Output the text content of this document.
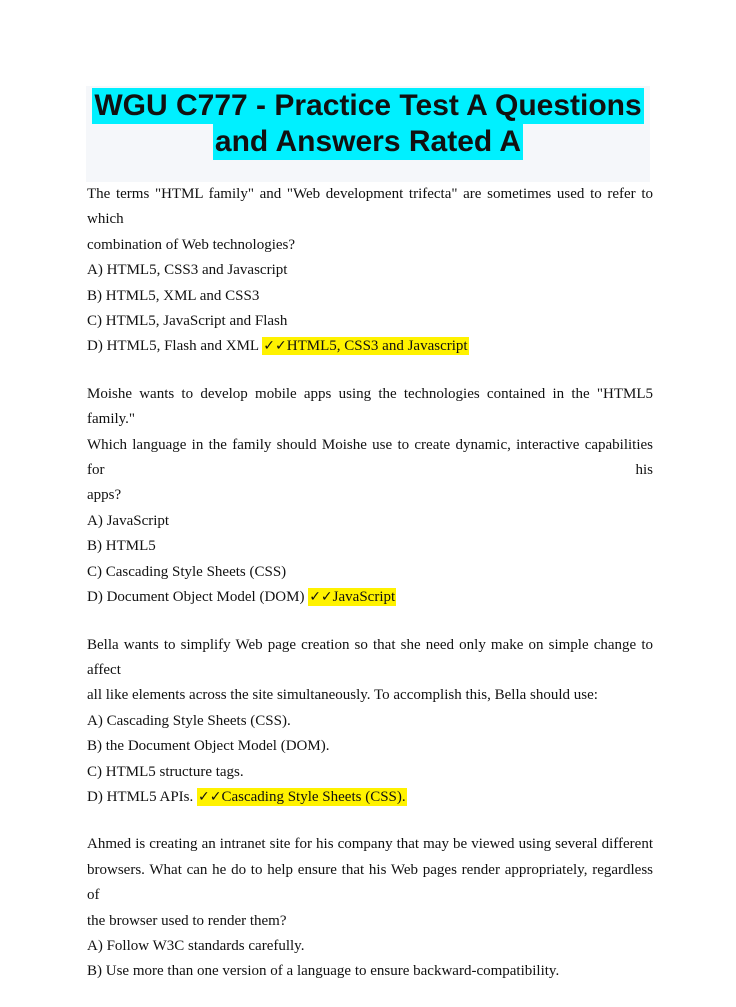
WGU C777 - Practice Test A Questions
and Answers Rated A
The terms "HTML family" and "Web development trifecta" are sometimes used to refer to which
combination of Web technologies?
A) HTML5, CSS3 and Javascript
B) HTML5, XML and CSS3
C) HTML5, JavaScript and Flash
D) HTML5, Flash and XML ✓✓HTML5, CSS3 and Javascript
Moishe wants to develop mobile apps using the technologies contained in the "HTML5 family."
Which language in the family should Moishe use to create dynamic, interactive capabilities for his
apps?
A) JavaScript
B) HTML5
C) Cascading Style Sheets (CSS)
D) Document Object Model (DOM) ✓✓JavaScript
Bella wants to simplify Web page creation so that she need only make on simple change to affect
all like elements across the site simultaneously. To accomplish this, Bella should use:
A) Cascading Style Sheets (CSS).
B) the Document Object Model (DOM).
C) HTML5 structure tags.
D) HTML5 APIs. ✓✓Cascading Style Sheets (CSS).
Ahmed is creating an intranet site for his company that may be viewed using several different
browsers. What can he do to help ensure that his Web pages render appropriately, regardless of
the browser used to render them?
A) Follow W3C standards carefully.
B) Use more than one version of a language to ensure backward-compatibility.
